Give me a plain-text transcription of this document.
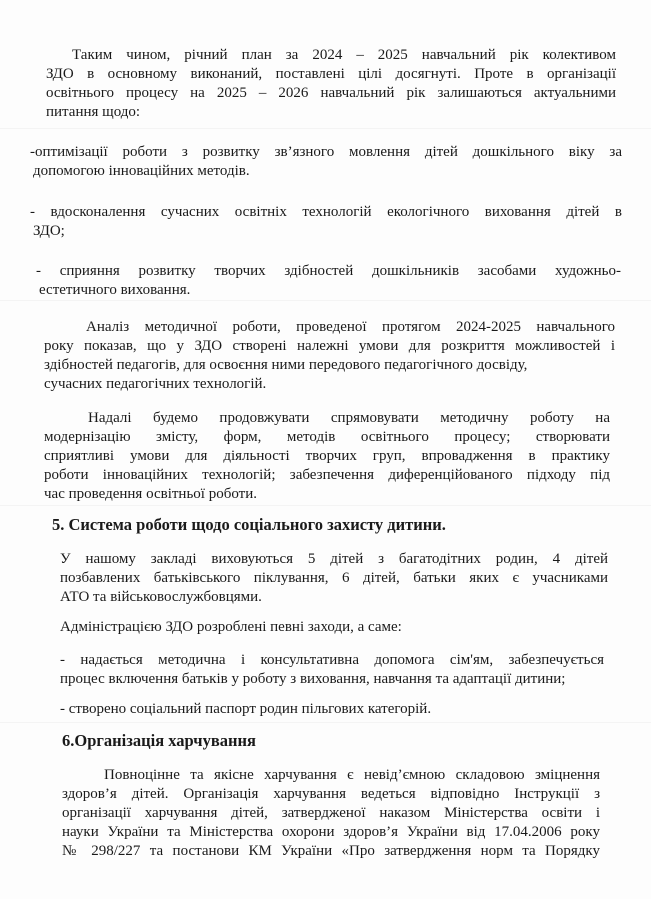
Таким чином, річний план за 2024 – 2025 навчальний рік колективом
ЗДО в основному виконаний, поставлені цілі досягнуті. Проте в організації
освітнього процесу на 2025 – 2026 навчальний рік залишаються актуальними
питання щодо:
-оптимізації роботи з розвитку зв’язного мовлення дітей дошкільного віку за
допомогою інноваційних методів.
- вдосконалення сучасних освітніх технологій екологічного виховання дітей в
ЗДО;
- сприяння розвитку творчих здібностей дошкільників засобами художньо-
естетичного виховання.
Аналіз методичної роботи, проведеної протягом 2024-2025 навчального
року показав, що у ЗДО створені належні умови для розкриття можливостей і
здібностей педагогів, для освоєння ними передового педагогічного досвіду,
сучасних педагогічних технологій.
Надалі будемо продовжувати спрямовувати методичну роботу на
модернізацію змісту, форм, методів освітнього процесу; створювати
сприятливі умови для діяльності творчих груп, впровадження в практику
роботи інноваційних технологій; забезпечення диференційованого підходу під
час проведення освітньої роботи.
5. Система роботи щодо соціального захисту дитини.
У нашому закладі виховуються 5 дітей з багатодітних родин, 4 дітей
позбавлених батьківського піклування, 6 дітей, батьки яких є учасниками
АТО та військовослужбовцями.
Адміністрацією ЗДО розроблені певні заходи, а саме:
- надається методична і консультативна допомога сім'ям, забезпечується
процес включення батьків у роботу з виховання, навчання та адаптації дитини;
- створено соціальний паспорт родин пільгових категорій.
6.Організація харчування
Повноцінне та якісне харчування є невід’ємною складовою зміцнення
здоров’я дітей. Організація харчування ведеться відповідно Інструкції з
організації харчування дітей, затвердженої наказом Міністерства освіти і
науки України та Міністерства охорони здоров’я України від 17.04.2006 року
№ 298/227 та постанови КМ України «Про затвердження норм та Порядку
